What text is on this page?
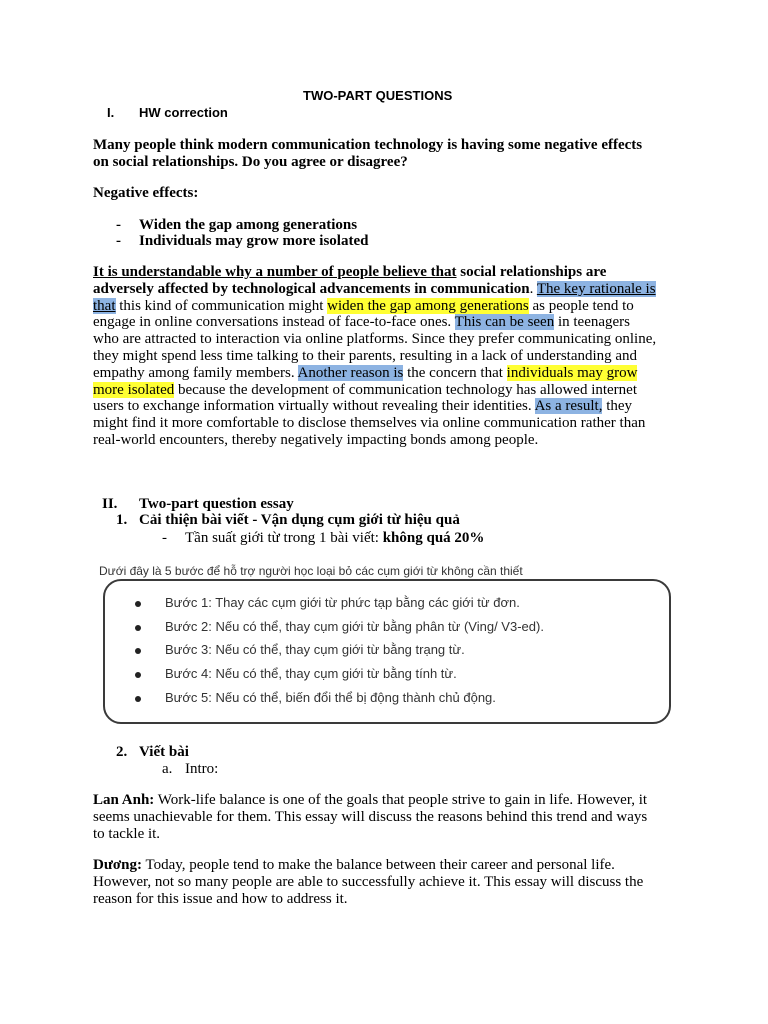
TWO-PART QUESTIONS
I. HW correction
Many people think modern communication technology is having some negative effects
on social relationships. Do you agree or disagree?
Negative effects:
- Widen the gap among generations
- Individuals may grow more isolated
It is understandable why a number of people believe that social relationships are
adversely affected by technological advancements in communication. The key rationale is
that this kind of communication might widen the gap among generations as people tend to
engage in online conversations instead of face-to-face ones. This can be seen in teenagers
who are attracted to interaction via online platforms. Since they prefer communicating online,
they might spend less time talking to their parents, resulting in a lack of understanding and
empathy among family members. Another reason is the concern that individuals may grow
more isolated because the development of communication technology has allowed internet
users to exchange information virtually without revealing their identities. As a result, they
might find it more comfortable to disclose themselves via online communication rather than
real-world encounters, thereby negatively impacting bonds among people.
II. Two-part question essay
1. Cải thiện bài viết - Vận dụng cụm giới từ hiệu quả
- Tần suất giới từ trong 1 bài viết: không quá 20%
Dưới đây là 5 bước để hỗ trợ người học loại bỏ các cụm giới từ không cần thiết
Bước 1: Thay các cụm giới từ phức tạp bằng các giới từ đơn.
Bước 2: Nếu có thể, thay cụm giới từ bằng phân từ (Ving/ V3-ed).
Bước 3: Nếu có thể, thay cụm giới từ bằng trạng từ.
Bước 4: Nếu có thể, thay cụm giới từ bằng tính từ.
Bước 5: Nếu có thể, biến đổi thể bị động thành chủ động.
2. Viết bài
a. Intro:
Lan Anh: Work-life balance is one of the goals that people strive to gain in life. However, it
seems unachievable for them. This essay will discuss the reasons behind this trend and ways
to tackle it.
Dương: Today, people tend to make the balance between their career and personal life.
However, not so many people are able to successfully achieve it. This essay will discuss the
reason for this issue and how to address it.
